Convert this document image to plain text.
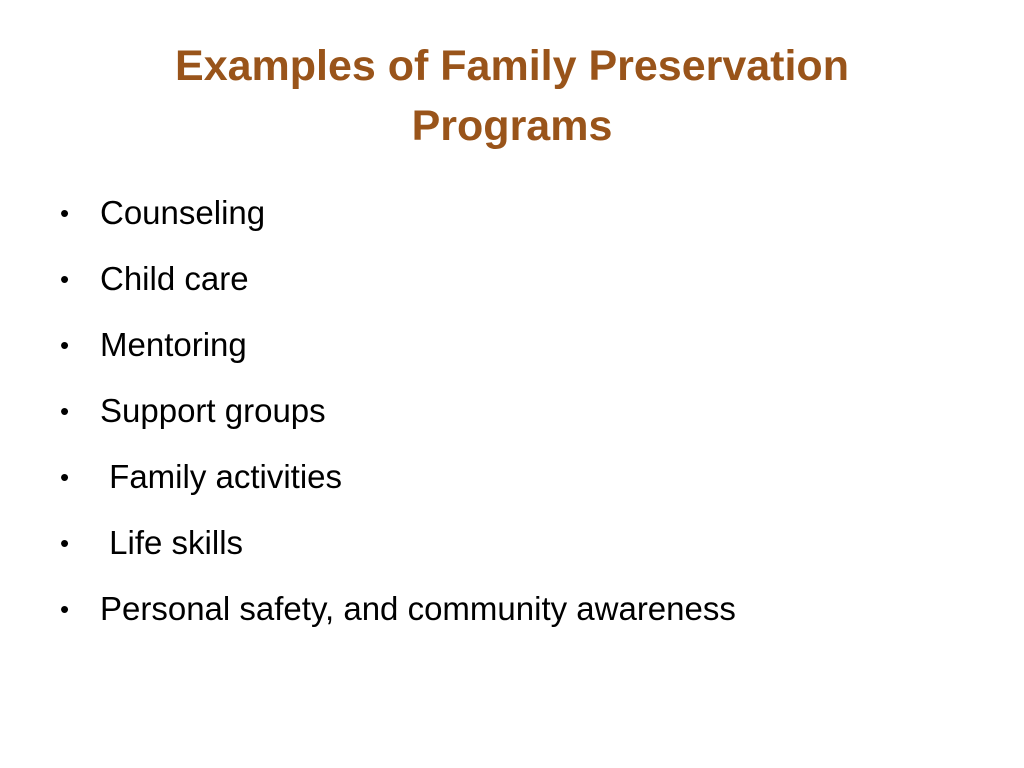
Examples of Family Preservation
Programs

•

Counseling

•

Child care

•

Mentoring

•

Support groups

•

Family activities

•

Life skills

•

Personal safety, and community awareness
